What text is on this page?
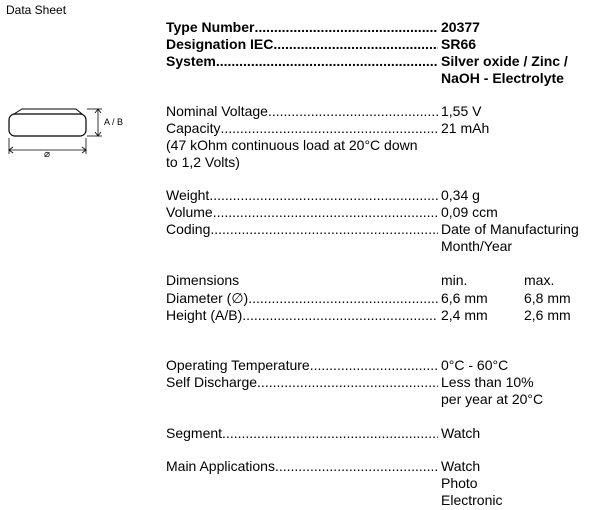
Data Sheet
A / B
⌀
Type Number .....	20377
Designation IEC .....	SR66
System .....	Silver oxide / Zinc /
NaOH - Electrolyte
Nominal Voltage .....	1,55 V
Capacity .....	21 mAh
(47 kOhm continuous load at 20°C down
to 1,2 Volts)
Weight .....	0,34 g
Volume .....	0,09 ccm
Coding .....	Date of Manufacturing
Month/Year
Dimensions	min.	max.
Diameter (∅) .....	6,6 mm	6,8 mm
Height (A/B) .....	2,4 mm	2,6 mm
Operating Temperature .....	0°C - 60°C
Self Discharge .....	Less than 10%
per year at 20°C
Segment .....	Watch
Main Applications .....	Watch
Photo
Electronic
